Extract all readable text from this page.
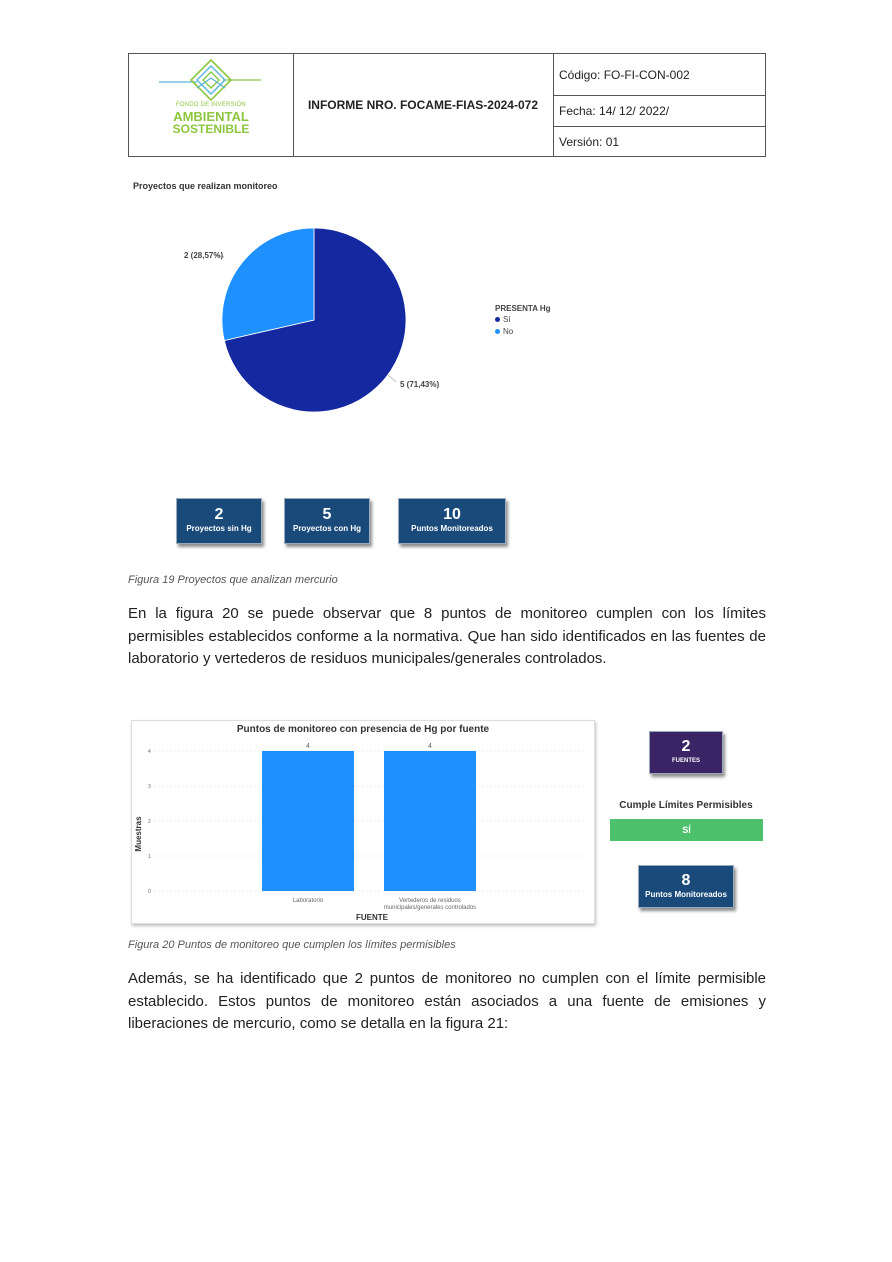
FONDO DE INVERSIÓN
AMBIENTAL
SOSTENIBLE
INFORME NRO. FOCAME-FIAS-2024-072
Código: FO-FI-CON-002
Fecha: 14/ 12/ 2022/
Versión: 01
Proyectos que realizan monitoreo
2 (28,57%)
5 (71,43%)
PRESENTA Hg
Sí
No
2
Proyectos sin Hg
5
Proyectos con Hg
10
Puntos Monitoreados
Figura 19 Proyectos que analizan mercurio

En la figura 20 se puede observar que 8 puntos de monitoreo cumplen con los límites permisibles establecidos conforme a la normativa. Que han sido identificados en las fuentes de laboratorio y vertederos de residuos municipales/generales controlados.

Puntos de monitoreo con presencia de Hg por fuente
0
1
2
3
4
4
Laboratorio
4
Vertederos de residuos
municipales/generales controlados
Muestras
FUENTE
2
FUENTES
Cumple Límites Permisibles
SÍ
8
Puntos Monitoreados
Figura 20 Puntos de monitoreo que cumplen los límites permisibles

Además, se ha identificado que 2 puntos de monitoreo no cumplen con el límite permisible establecido. Estos puntos de monitoreo están asociados a una fuente de emisiones y liberaciones de mercurio, como se detalla en la figura 21:
